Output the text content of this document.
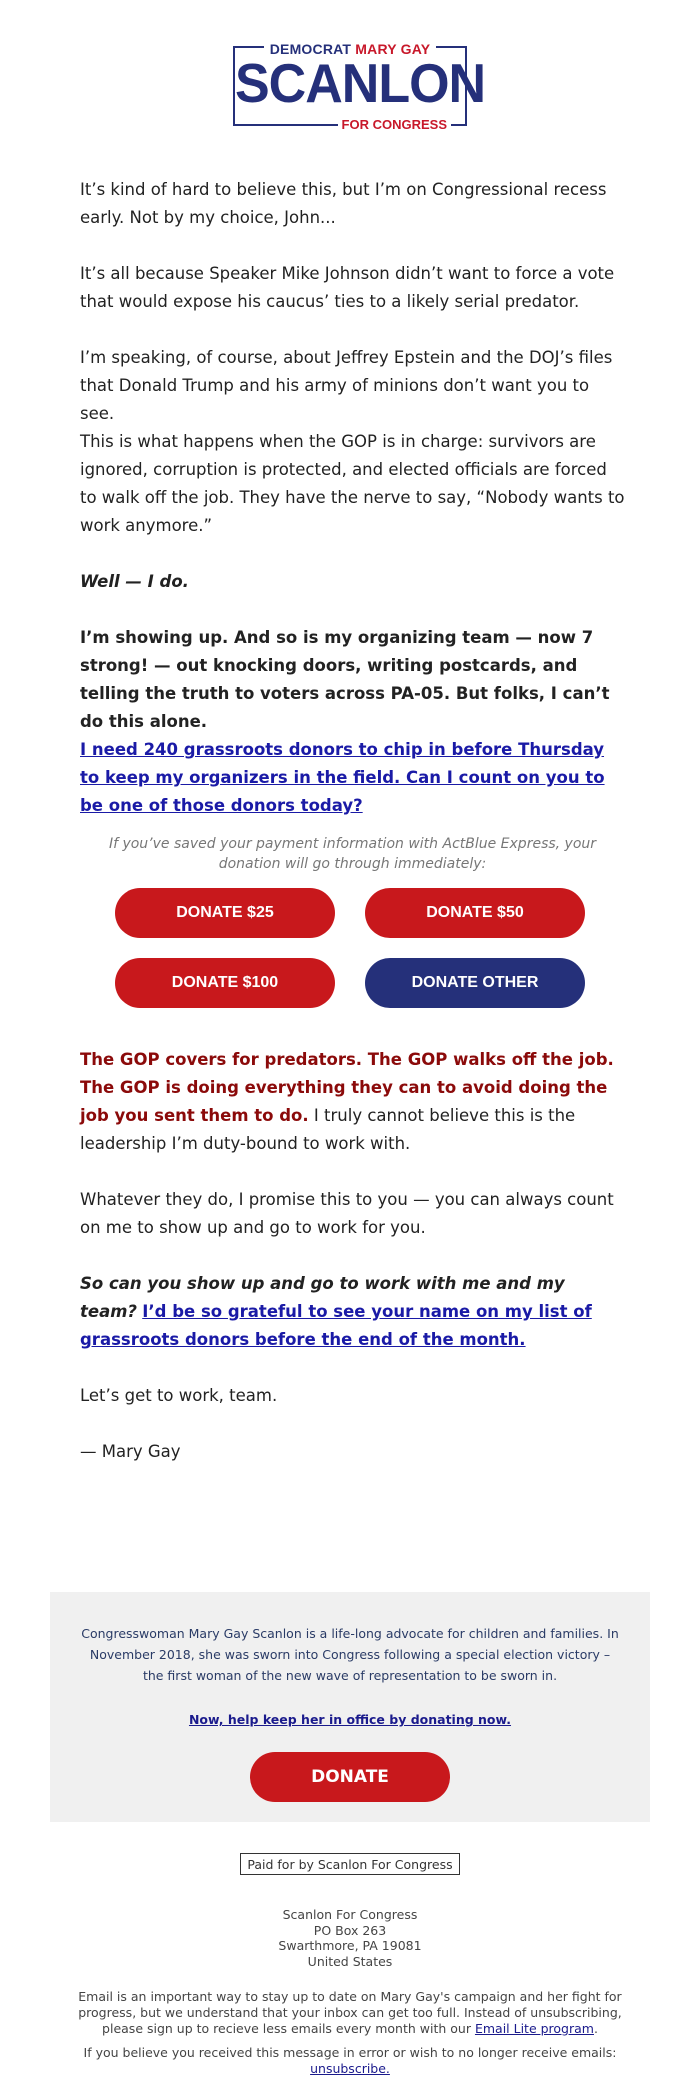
DEMOCRAT MARY GAY
SCANLON
FOR CONGRESS
It’s kind of hard to believe this, but I’m on Congressional recess early. Not by my choice, John...
It’s all because Speaker Mike Johnson didn’t want to force a vote that would expose his caucus’ ties to a likely serial predator.
I’m speaking, of course, about Jeffrey Epstein and the DOJ’s files that Donald Trump and his army of minions don’t want you to see.
This is what happens when the GOP is in charge: survivors are ignored, corruption is protected, and elected officials are forced to walk off the job. They have the nerve to say, “Nobody wants to work anymore.”
Well — I do.
I’m showing up. And so is my organizing team — now 7 strong! — out knocking doors, writing postcards, and telling the truth to voters across PA-05. But folks, I can’t do this alone.
I need 240 grassroots donors to chip in before Thursday to keep my organizers in the field. Can I count on you to be one of those donors today?
If you’ve saved your payment information with ActBlue Express, your donation will go through immediately:
DONATE $25	DONATE $50
DONATE $100	DONATE OTHER
The GOP covers for predators. The GOP walks off the job. The GOP is doing everything they can to avoid doing the job you sent them to do. I truly cannot believe this is the leadership I’m duty-bound to work with.
Whatever they do, I promise this to you — you can always count on me to show up and go to work for you.
So can you show up and go to work with me and my team? I’d be so grateful to see your name on my list of grassroots donors before the end of the month.
Let’s get to work, team.
— Mary Gay
Congresswoman Mary Gay Scanlon is a life-long advocate for children and families. In November 2018, she was sworn into Congress following a special election victory – the first woman of the new wave of representation to be sworn in.
Now, help keep her in office by donating now.
DONATE
Paid for by Scanlon For Congress
Scanlon For Congress
PO Box 263
Swarthmore, PA 19081
United States
Email is an important way to stay up to date on Mary Gay's campaign and her fight for progress, but we understand that your inbox can get too full. Instead of unsubscribing, please sign up to recieve less emails every month with our Email Lite program.
If you believe you received this message in error or wish to no longer receive emails: unsubscribe.
